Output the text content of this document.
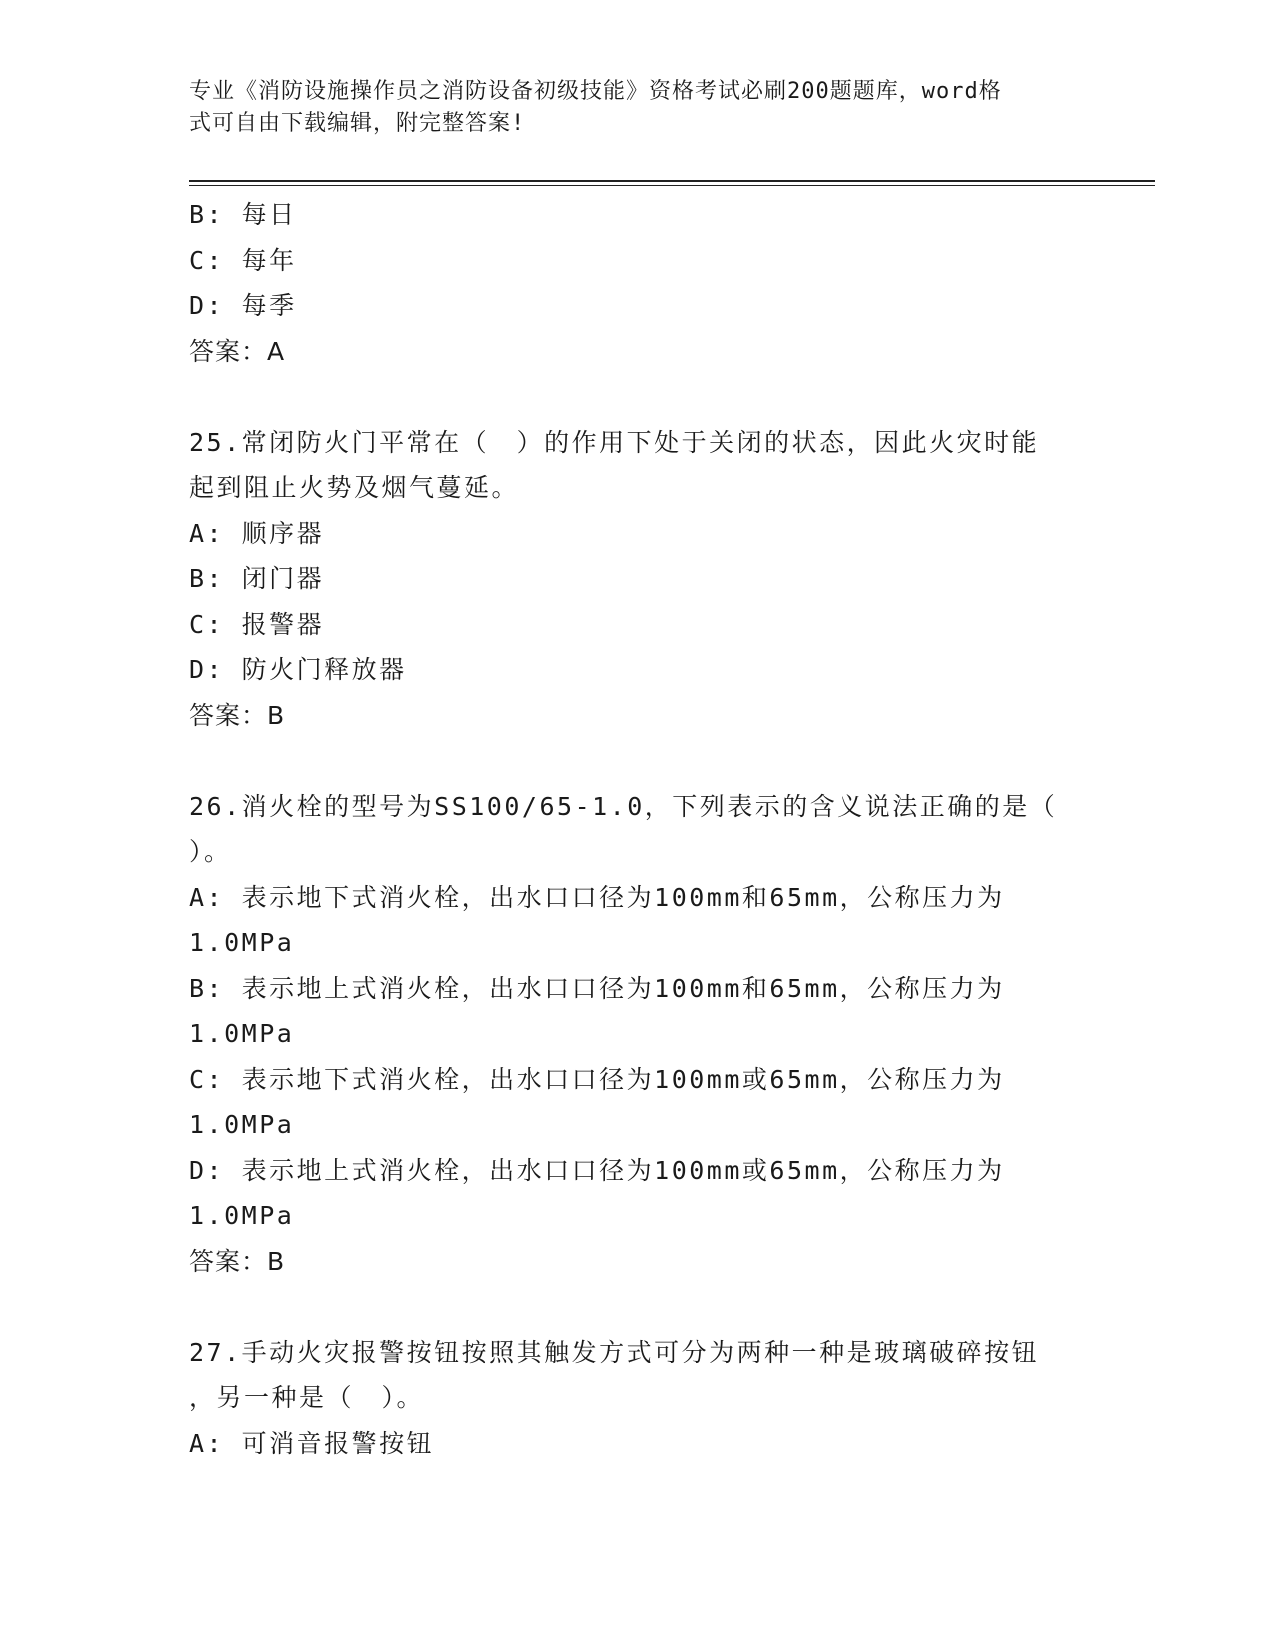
专业《消防设施操作员之消防设备初级技能》资格考试必刷200题题库，word格
式可自由下载编辑，附完整答案!
B: 每日
C: 每年
D: 每季
答案：A
25.常闭防火门平常在（　）的作用下处于关闭的状态，因此火灾时能
起到阻止火势及烟气蔓延。
A: 顺序器
B: 闭门器
C: 报警器
D: 防火门释放器
答案：B
26.消火栓的型号为SS100/65-1.0，下列表示的含义说法正确的是（
）。
A: 表示地下式消火栓，出水口口径为100mm和65mm，公称压力为
1.0MPa
B: 表示地上式消火栓，出水口口径为100mm和65mm，公称压力为
1.0MPa
C: 表示地下式消火栓，出水口口径为100mm或65mm，公称压力为
1.0MPa
D: 表示地上式消火栓，出水口口径为100mm或65mm，公称压力为
1.0MPa
答案：B
27.手动火灾报警按钮按照其触发方式可分为两种一种是玻璃破碎按钮
，另一种是（　）。
A: 可消音报警按钮
